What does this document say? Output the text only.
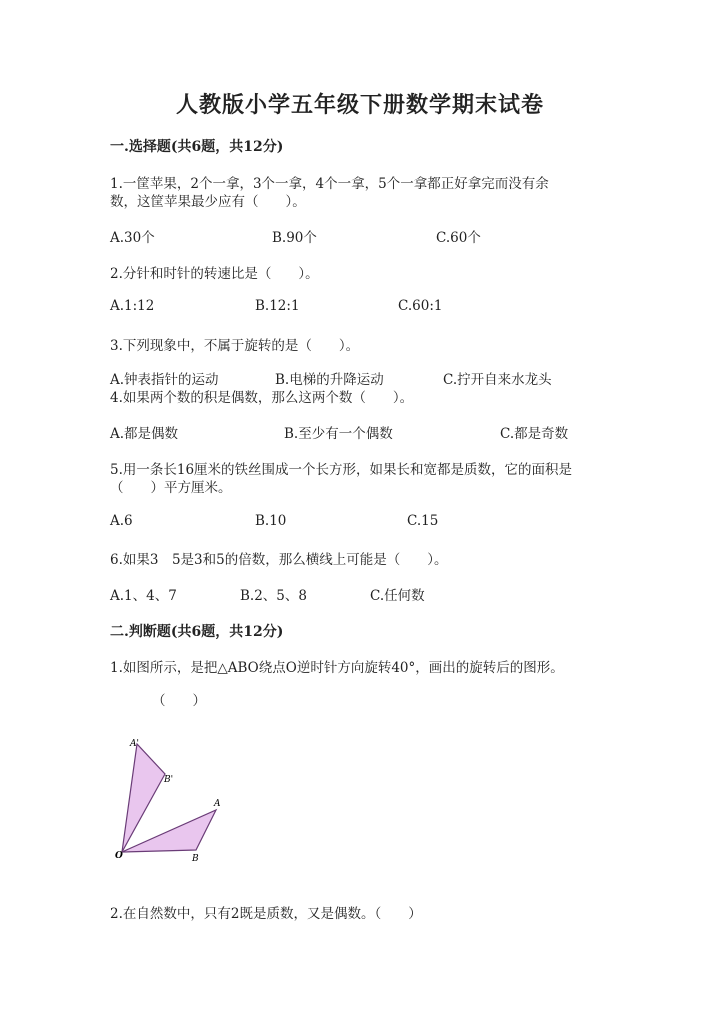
人教版小学五年级下册数学期末试卷
一.选择题(共6题，共12分)
1.一筐苹果，2个一拿，3个一拿，4个一拿，5个一拿都正好拿完而没有余
数，这筐苹果最少应有（　　）。
A.30个	B.90个	C.60个
2.分针和时针的转速比是（　　）。
A.1:12	B.12:1	C.60:1
3.下列现象中，不属于旋转的是（　　）。
A.钟表指针的运动	B.电梯的升降运动	C.拧开自来水龙头
4.如果两个数的积是偶数，那么这两个数（　　）。
A.都是偶数	B.至少有一个偶数	C.都是奇数
5.用一条长16厘米的铁丝围成一个长方形，如果长和宽都是质数，它的面积是
（　　）平方厘米。
A.6	B.10	C.15
6.如果3　5是3和5的倍数，那么横线上可能是（　　）。
A.1、4、7	B.2、5、8	C.任何数
二.判断题(共6题，共12分)
1.如图所示，是把△ABO绕点O逆时针方向旋转40°，画出的旋转后的图形。
（　　）
A'
B'
A
B
O
2.在自然数中，只有2既是质数，又是偶数。（　　）
